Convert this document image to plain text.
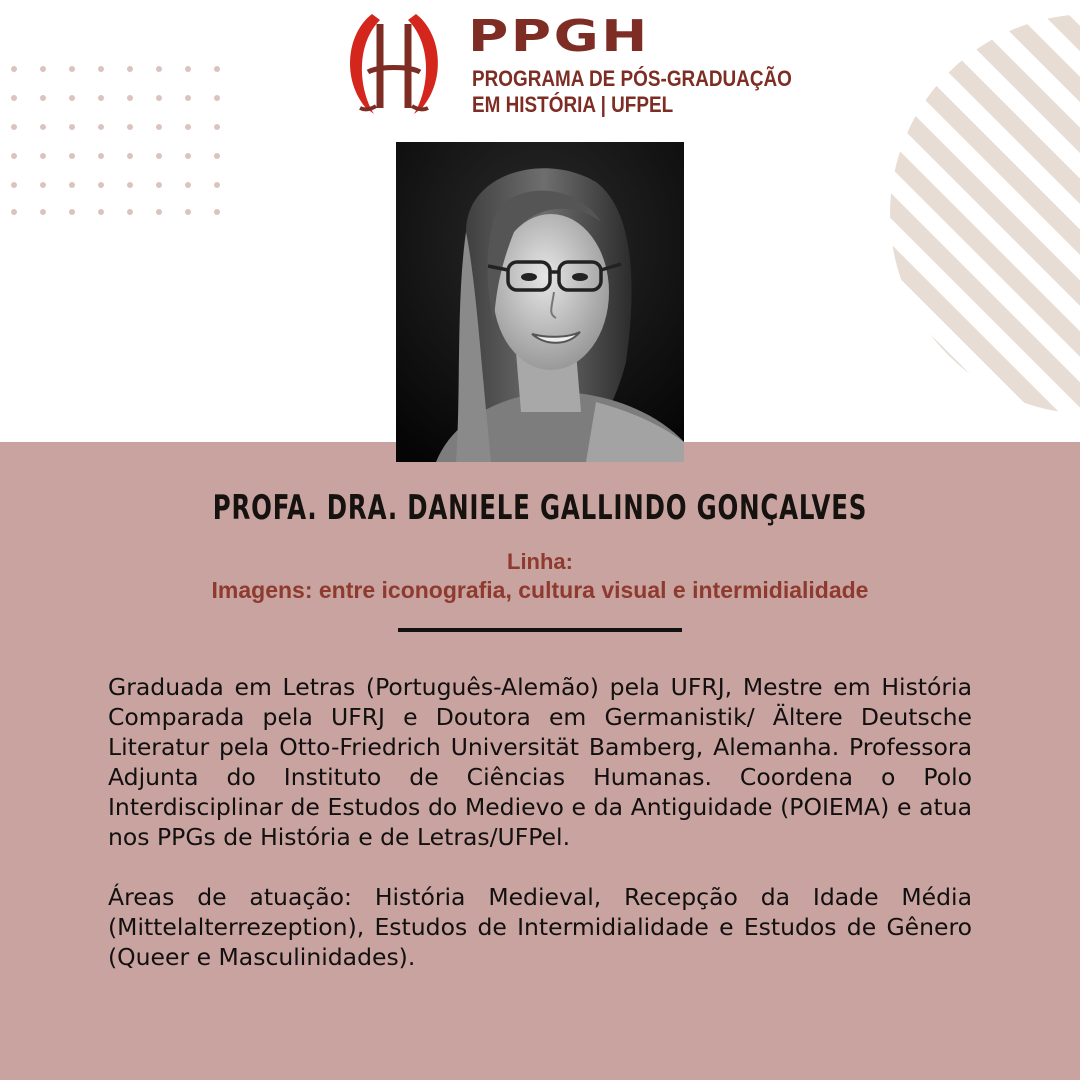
PPGH
PROGRAMA DE PÓS-GRADUAÇÃO
EM HISTÓRIA | UFPEL
PROFA. DRA. DANIELE GALLINDO GONÇALVES
Linha:
Imagens: entre iconografia, cultura visual e intermidialidade

Graduada em Letras (Português-Alemão) pela UFRJ, Mestre em História Comparada pela UFRJ e Doutora em Germanistik/ Ältere Deutsche Literatur pela Otto-Friedrich Universität Bamberg, Alemanha. Professora Adjunta do Instituto de Ciências Humanas. Coordena o Polo Interdisciplinar de Estudos do Medievo e da Antiguidade (POIEMA) e atua nos PPGs de História e de Letras/UFPel.

Áreas de atuação: História Medieval, Recepção da Idade Média (Mittelalterrezeption), Estudos de Intermidialidade e Estudos de Gênero (Queer e Masculinidades).
